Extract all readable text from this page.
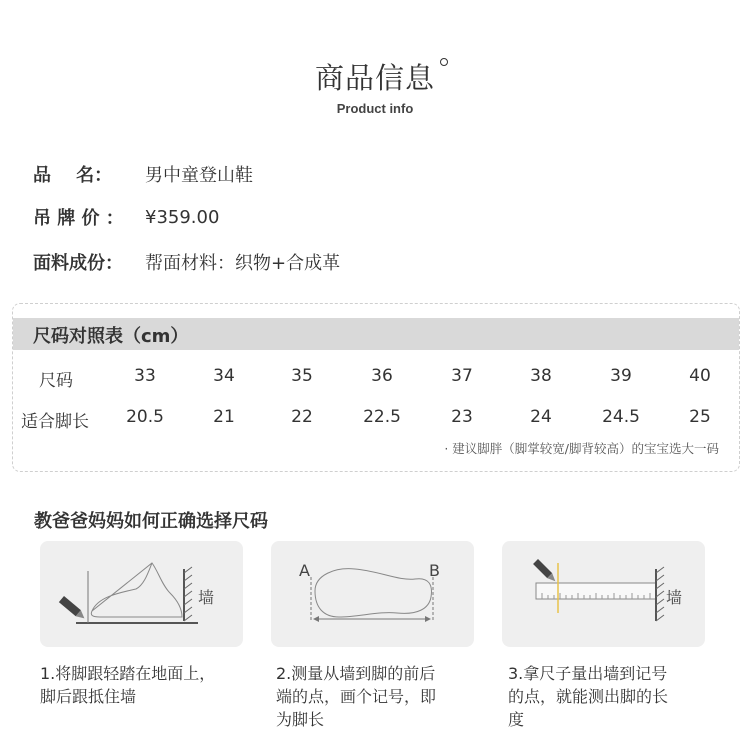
商品信息
Product info
品    名：	男中童登山鞋
吊 牌 价 ：	¥359.00
面料成份：	帮面材料：织物+合成革
尺码对照表（cm）
尺码	33	34	35	36	37	38	39	40
适合脚长	20.5	21	22	22.5	23	24	24.5	25
· 建议脚胖（脚掌较宽/脚背较高）的宝宝选大一码
教爸爸妈妈如何正确选择尺码
墙
A	B
墙
1.将脚跟轻踏在地面上，
脚后跟抵住墙
2.测量从墙到脚的前后
端的点，画个记号，即
为脚长
3.拿尺子量出墙到记号
的点，就能测出脚的长
度
